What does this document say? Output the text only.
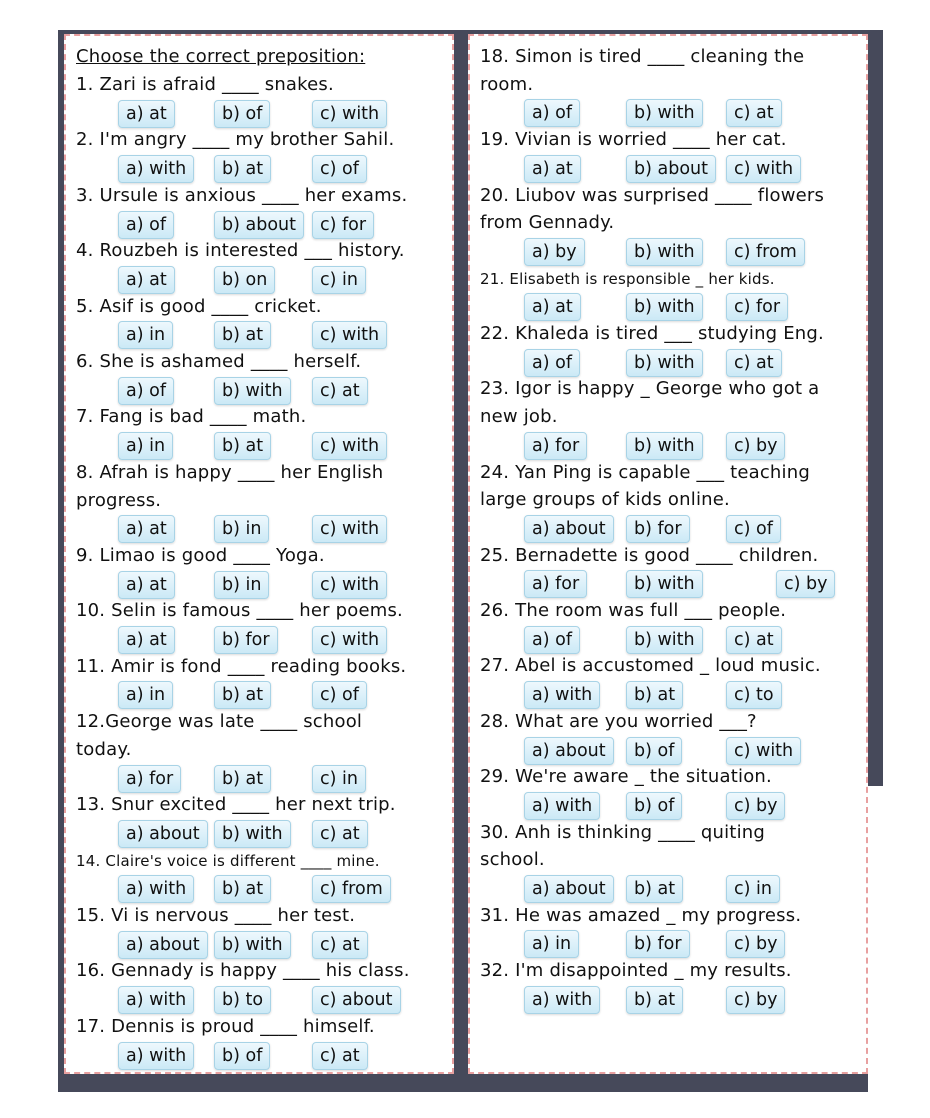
Choose the correct preposition:
1. Zari is afraid ____ snakes.
a) at	b) of	c) with
2. I'm angry ____ my brother Sahil.
a) with	b) at	c) of
3. Ursule is anxious ____ her exams.
a) of	b) about	c) for
4. Rouzbeh is interested ___ history.
a) at	b) on	c) in
5. Asif is good ____ cricket.
a) in	b) at	c) with
6. She is ashamed ____ herself.
a) of	b) with	c) at
7. Fang is bad ____ math.
a) in	b) at	c) with
8. Afrah is happy ____ her English
progress.
a) at	b) in	c) with
9. Limao is good ____ Yoga.
a) at	b) in	c) with
10. Selin is famous ____ her poems.
a) at	b) for	c) with
11. Amir is fond ____ reading books.
a) in	b) at	c) of
12.George was late ____ school
today.
a) for	b) at	c) in
13. Snur excited ____ her next trip.
a) about	b) with	c) at
14. Claire's voice is different ____ mine.
a) with	b) at	c) from
15. Vi is nervous ____ her test.
a) about	b) with	c) at
16. Gennady is happy ____ his class.
a) with	b) to	c) about
17. Dennis is proud ____ himself.
a) with	b) of	c) at
18. Simon is tired ____ cleaning the
room.
a) of	b) with	c) at
19. Vivian is worried ____ her cat.
a) at	b) about	c) with
20. Liubov was surprised ____ flowers
from Gennady.
a) by	b) with	c) from
21. Elisabeth is responsible _ her kids.
a) at	b) with	c) for
22. Khaleda is tired ___ studying Eng.
a) of	b) with	c) at
23. Igor is happy _ George who got a
new job.
a) for	b) with	c) by
24. Yan Ping is capable ___ teaching
large groups of kids online.
a) about	b) for	c) of
25. Bernadette is good ____ children.
a) for	b) with	c) by
26. The room was full ___ people.
a) of	b) with	c) at
27. Abel is accustomed _ loud music.
a) with	b) at	c) to
28. What are you worried ___?
a) about	b) of	c) with
29. We're aware _ the situation.
a) with	b) of	c) by
30. Anh is thinking ____ quiting
school.
a) about	b) at	c) in
31. He was amazed _ my progress.
a) in	b) for	c) by
32. I'm disappointed _ my results.
a) with	b) at	c) by
